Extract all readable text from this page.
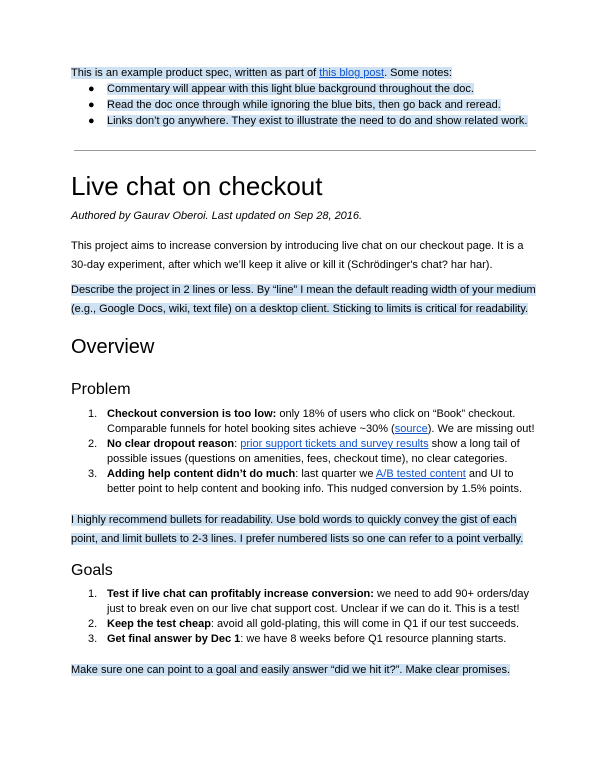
This is an example product spec, written as part of this blog post. Some notes:
● Commentary will appear with this light blue background throughout the doc.
● Read the doc once through while ignoring the blue bits, then go back and reread.
● Links don’t go anywhere. They exist to illustrate the need to do and show related work.
Live chat on checkout
Authored by Gaurav Oberoi. Last updated on Sep 28, 2016.
This project aims to increase conversion by introducing live chat on our checkout page. It is a
30-day experiment, after which we’ll keep it alive or kill it (Schrödinger's chat? har har).
Describe the project in 2 lines or less. By “line” I mean the default reading width of your medium
(e.g., Google Docs, wiki, text file) on a desktop client. Sticking to limits is critical for readability.
Overview
Problem
1. Checkout conversion is too low: only 18% of users who click on “Book” checkout.
Comparable funnels for hotel booking sites achieve ~30% (source). We are missing out!
2. No clear dropout reason: prior support tickets and survey results show a long tail of
possible issues (questions on amenities, fees, checkout time), no clear categories.
3. Adding help content didn’t do much: last quarter we A/B tested content and UI to
better point to help content and booking info. This nudged conversion by 1.5% points.
I highly recommend bullets for readability. Use bold words to quickly convey the gist of each
point, and limit bullets to 2-3 lines. I prefer numbered lists so one can refer to a point verbally.
Goals
1. Test if live chat can profitably increase conversion: we need to add 90+ orders/day
just to break even on our live chat support cost. Unclear if we can do it. This is a test!
2. Keep the test cheap: avoid all gold-plating, this will come in Q1 if our test succeeds.
3. Get final answer by Dec 1: we have 8 weeks before Q1 resource planning starts.
Make sure one can point to a goal and easily answer “did we hit it?”. Make clear promises.
